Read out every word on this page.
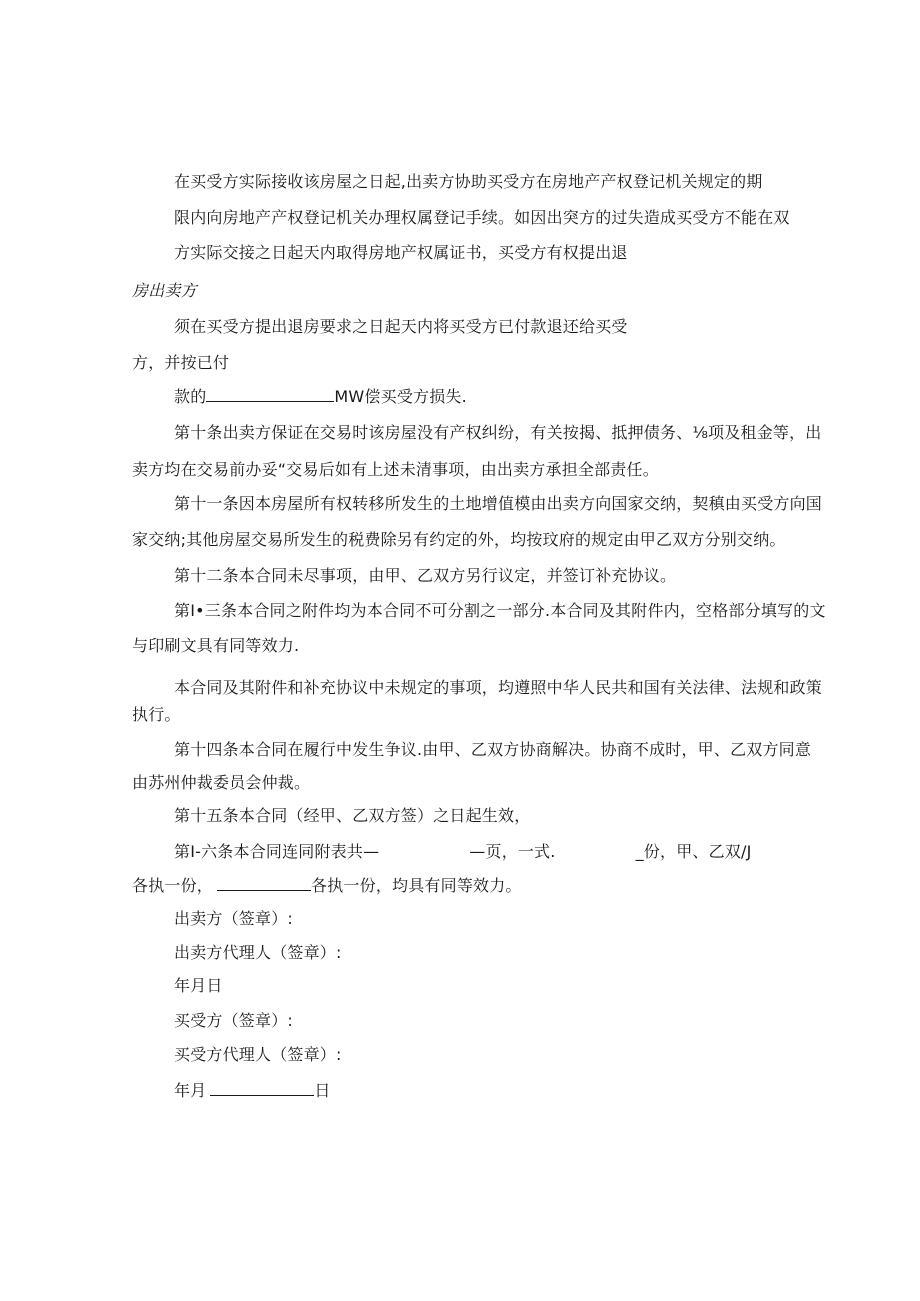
在买受方实际接收该房屋之日起,出卖方协助买受方在房地产产权登记机关规定的期
限内向房地产产权登记机关办理权属登记手续。如因出突方的过失造成买受方不能在双
方实际交接之日起天内取得房地产权属证书，买受方有权提出退
房出卖方
须在买受方提出退房要求之日起天内将买受方已付款退还给买受
方，并按已付
款的	MW偿买受方损失.
第十条出卖方保证在交易时该房屋没有产权纠纷，有关按揭、抵押债务、⅛项及租金等，出
卖方均在交易前办妥“交易后如有上述未清事项，由出卖方承担全部责任。
第十一条因本房屋所有权转移所发生的土地增值模由出卖方向国家交纳，契稹由买受方向国
家交纳;其他房屋交易所发生的税费除另有约定的外，均按玟府的规定由甲乙双方分别交纳。
第十二条本合同未尽事项，由甲、乙双方另行议定，并签订补充协议。
第I•三条本合同之附件均为本合同不可分割之一部分.本合同及其附件内，空格部分填写的文
与印刷文具有同等效力.
本合同及其附件和补充协议中未规定的事项，均遵照中华人民共和国有关法律、法规和政策
执行。
第十四条本合同在履行中发生争议.由甲、乙双方协商解决。协商不成时，甲、乙双方同意
由苏州仲裁委员会仲裁。
第十五条本合同（经甲、乙双方签）之日起生效，
第I-六条本合同连同附表共—	—页，一式.	_份，甲、乙双/J
各执一份，	各执一份，均具有同等效力。
出卖方（签章）:
出卖方代理人（签章）:
年月日
买受方（签章）:
买受方代理人（签章）:
年月	日
